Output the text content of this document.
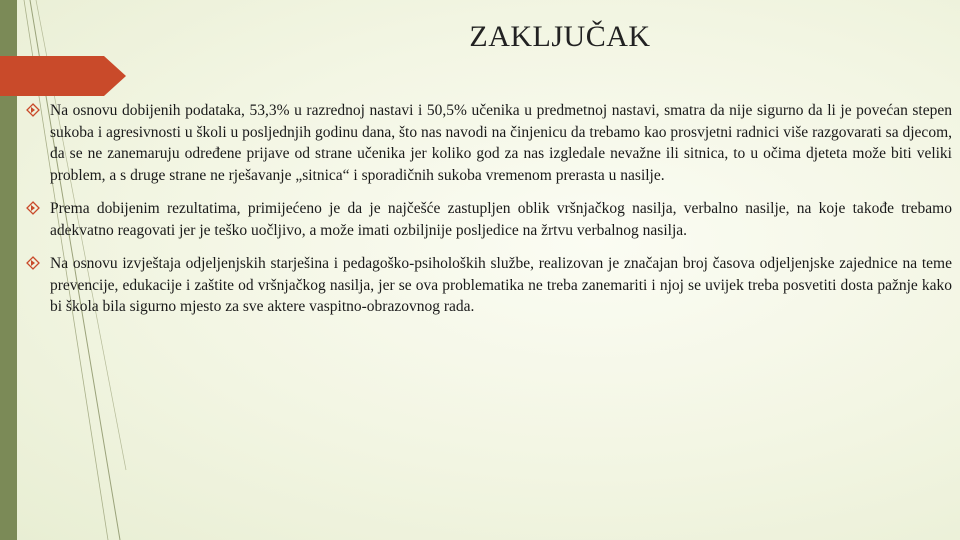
ZAKLJUČAK
Na osnovu dobijenih podataka, 53,3% u razrednoj nastavi i 50,5% učenika u predmetnoj nastavi, smatra da nije sigurno da li je povećan stepen sukoba i agresivnosti u školi u posljednjih godinu dana, što nas navodi na činjenicu da trebamo kao prosvjetni radnici više razgovarati sa djecom, da se ne zanemaruju određene prijave od strane učenika jer koliko god za nas izgledale nevažne ili sitnica, to u očima djeteta može biti veliki problem, a s druge strane ne rješavanje „sitnica“ i sporadičnih sukoba vremenom prerasta u nasilje.
Prema dobijenim rezultatima, primijećeno je da je najčešće zastupljen oblik vršnjačkog nasilja, verbalno nasilje, na koje takođe trebamo adekvatno reagovati jer je teško uočljivo, a može imati ozbiljnije posljedice na žrtvu verbalnog nasilja.
Na osnovu izvještaja odjeljenjskih starješina i pedagoško-psiholoških službe, realizovan je značajan broj časova odjeljenjske zajednice na teme prevencije, edukacije i zaštite od vršnjačkog nasilja, jer se ova problematika ne treba zanemariti i njoj se uvijek treba posvetiti dosta pažnje kako bi škola bila sigurno mjesto za sve aktere vaspitno-obrazovnog rada.
